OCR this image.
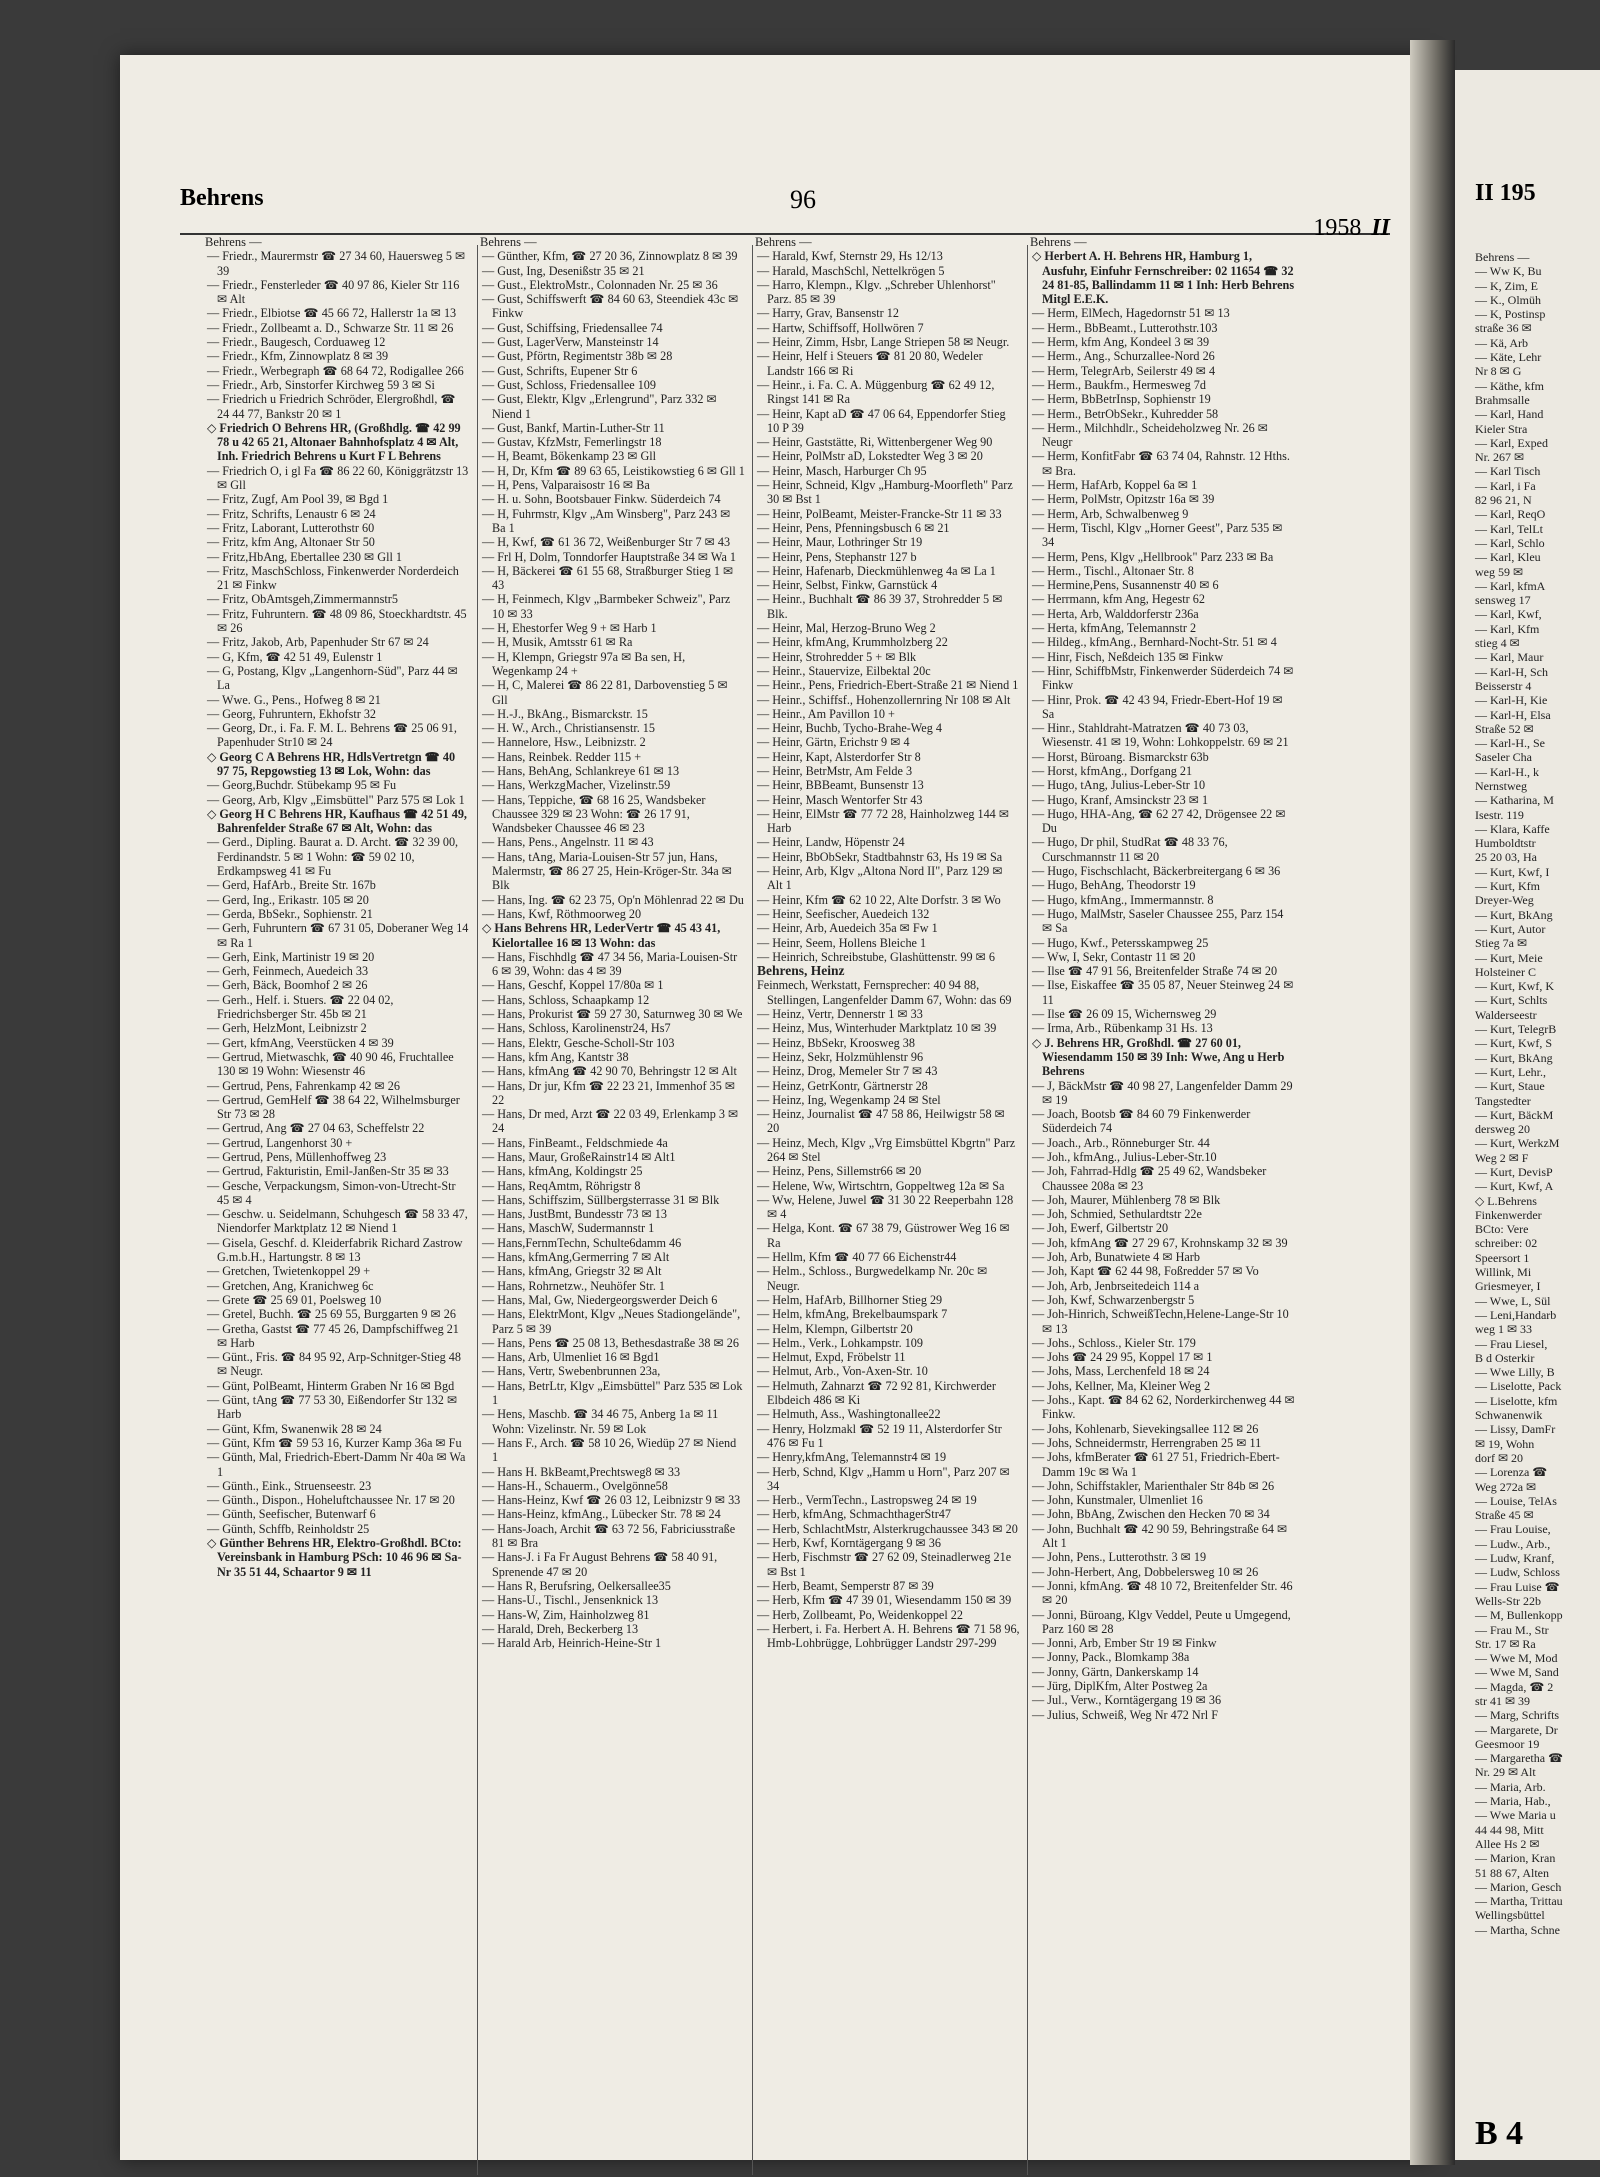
Behrens	96
1958 II
Behrens —

— Friedr., Maurermstr ☎ 27 34 60, Hauersweg 5 ✉ 39

— Friedr., Fensterleder ☎ 40 97 86, Kieler Str 116 ✉ Alt

— Friedr., Elbiotse ☎ 45 66 72, Hallerstr 1a ✉ 13

— Friedr., Zollbeamt a. D., Schwarze Str. 11 ✉ 26

— Friedr., Baugesch, Corduaweg 12

— Friedr., Kfm, Zinnowplatz 8 ✉ 39

— Friedr., Werbegraph ☎ 68 64 72, Rodigallee 266

— Friedr., Arb, Sinstorfer Kirchweg 59 3 ✉ Si

— Friedrich u Friedrich Schröder, Elergroßhdl, ☎ 24 44 77, Bankstr 20 ✉ 1

◇ Friedrich O Behrens HR, (Großhdlg. ☎ 42 99 78 u 42 65 21, Altonaer Bahnhofsplatz 4 ✉ Alt, Inh. Friedrich Behrens u Kurt F L Behrens

— Friedrich O, i gl Fa ☎ 86 22 60, Königgrätzstr 13 ✉ Gll

— Fritz, Zugf, Am Pool 39, ✉ Bgd 1

— Fritz, Schrifts, Lenaustr 6 ✉ 24

— Fritz, Laborant, Lutterothstr 60

— Fritz, kfm Ang, Altonaer Str 50

— Fritz,HbAng, Ebertallee 230 ✉ Gll 1

— Fritz, MaschSchloss, Finkenwerder Norderdeich 21 ✉ Finkw

— Fritz, ObAmtsgeh,Zimmermannstr5

— Fritz, Fuhruntern. ☎ 48 09 86, Stoeckhardtstr. 45 ✉ 26

— Fritz, Jakob, Arb, Papenhuder Str 67 ✉ 24

— G, Kfm, ☎ 42 51 49, Eulenstr 1

— G, Postang, Klgv „Langenhorn-Süd", Parz 44 ✉ La

— Wwe. G., Pens., Hofweg 8 ✉ 21

— Georg, Fuhruntern, Ekhofstr 32

— Georg, Dr., i. Fa. F. M. L. Behrens ☎ 25 06 91, Papenhuder Str10 ✉ 24

◇ Georg C A Behrens HR, HdlsVertretgn ☎ 40 97 75, Repgowstieg 13 ✉ Lok, Wohn: das

— Georg,Buchdr. Stübekamp 95 ✉ Fu

— Georg, Arb, Klgv „Eimsbüttel" Parz 575 ✉ Lok 1

◇ Georg H C Behrens HR, Kaufhaus ☎ 42 51 49, Bahrenfelder Straße 67 ✉ Alt, Wohn: das

— Gerd., Dipling. Baurat a. D. Archt. ☎ 32 39 00, Ferdinandstr. 5 ✉ 1 Wohn: ☎ 59 02 10, Erdkampsweg 41 ✉ Fu

— Gerd, HafArb., Breite Str. 167b

— Gerd, Ing., Erikastr. 105 ✉ 20

— Gerda, BbSekr., Sophienstr. 21

— Gerh, Fuhruntern ☎ 67 31 05, Doberaner Weg 14 ✉ Ra 1

— Gerh, Eink, Martinistr 19 ✉ 20

— Gerh, Feinmech, Auedeich 33

— Gerh, Bäck, Boomhof 2 ✉ 26

— Gerh., Helf. i. Stuers. ☎ 22 04 02, Friedrichsberger Str. 45b ✉ 21

— Gerh, HelzMont, Leibnizstr 2

— Gert, kfmAng, Veerstücken 4 ✉ 39

— Gertrud, Mietwaschk, ☎ 40 90 46, Fruchtallee 130 ✉ 19 Wohn: Wiesenstr 46

— Gertrud, Pens, Fahrenkamp 42 ✉ 26

— Gertrud, GemHelf ☎ 38 64 22, Wilhelmsburger Str 73 ✉ 28

— Gertrud, Ang ☎ 27 04 63, Scheffelstr 22

— Gertrud, Langenhorst 30 +

— Gertrud, Pens, Müllenhoffweg 23

— Gertrud, Fakturistin, Emil-Janßen-Str 35 ✉ 33

— Gesche, Verpackungsm, Simon-von-Utrecht-Str 45 ✉ 4

— Geschw. u. Seidelmann, Schuhgesch ☎ 58 33 47, Niendorfer Marktplatz 12 ✉ Niend 1

— Gisela, Geschf. d. Kleiderfabrik Richard Zastrow G.m.b.H., Hartungstr. 8 ✉ 13

— Gretchen, Twietenkoppel 29 +

— Gretchen, Ang, Kranichweg 6c

— Grete ☎ 25 69 01, Poelsweg 10

— Gretel, Buchh. ☎ 25 69 55, Burggarten 9 ✉ 26

— Gretha, Gastst ☎ 77 45 26, Dampfschiffweg 21 ✉ Harb

— Günt., Fris. ☎ 84 95 92, Arp-Schnitger-Stieg 48 ✉ Neugr.

— Günt, PolBeamt, Hinterm Graben Nr 16 ✉ Bgd

— Günt, tAng ☎ 77 53 30, Eißendorfer Str 132 ✉ Harb

— Günt, Kfm, Swanenwik 28 ✉ 24

— Günt, Kfm ☎ 59 53 16, Kurzer Kamp 36a ✉ Fu

— Günth, Mal, Friedrich-Ebert-Damm Nr 40a ✉ Wa 1

— Günth., Eink., Struenseestr. 23

— Günth., Dispon., Hoheluftchaussee Nr. 17 ✉ 20

— Günth, Seefischer, Butenwarf 6

— Günth, Schffb, Reinholdstr 25

◇ Günther Behrens HR, Elektro-Großhdl. BCto: Vereinsbank in Hamburg PSch: 10 46 96 ✉ Sa-Nr 35 51 44, Schaartor 9 ✉ 11

Behrens —

— Günther, Kfm, ☎ 27 20 36, Zinnowplatz 8 ✉ 39

— Gust, Ing, Desenißstr 35 ✉ 21

— Gust., ElektroMstr., Colonnaden Nr. 25 ✉ 36

— Gust, Schiffswerft ☎ 84 60 63, Steendiek 43c ✉ Finkw

— Gust, Schiffsing, Friedensallee 74

— Gust, LagerVerw, Mansteinstr 14

— Gust, Pförtn, Regimentstr 38b ✉ 28

— Gust, Schrifts, Eupener Str 6

— Gust, Schloss, Friedensallee 109

— Gust, Elektr, Klgv „Erlengrund", Parz 332 ✉ Niend 1

— Gust, Bankf, Martin-Luther-Str 11

— Gustav, KfzMstr, Femerlingstr 18

— H, Beamt, Bökenkamp 23 ✉ Gll

— H, Dr, Kfm ☎ 89 63 65, Leistikowstieg 6 ✉ Gll 1

— H, Pens, Valparaisostr 16 ✉ Ba

— H. u. Sohn, Bootsbauer Finkw. Süderdeich 74

— H, Fuhrmstr, Klgv „Am Winsberg", Parz 243 ✉ Ba 1

— H, Kwf, ☎ 61 36 72, Weißenburger Str 7 ✉ 43

— Frl H, Dolm, Tonndorfer Hauptstraße 34 ✉ Wa 1

— H, Bäckerei ☎ 61 55 68, Straßburger Stieg 1 ✉ 43

— H, Feinmech, Klgv „Barmbeker Schweiz", Parz 10 ✉ 33

— H, Ehestorfer Weg 9 + ✉ Harb 1

— H, Musik, Amtsstr 61 ✉ Ra

— H, Klempn, Griegstr 97a ✉ Ba sen, H, Wegenkamp 24 +

— H, C, Malerei ☎ 86 22 81, Darbovenstieg 5 ✉ Gll

— H.-J., BkAng., Bismarckstr. 15

— H. W., Arch., Christiansenstr. 15

— Hannelore, Hsw., Leibnizstr. 2

— Hans, Reinbek. Redder 115 +

— Hans, BehAng, Schlankreye 61 ✉ 13

— Hans, WerkzgMacher, Vizelinstr.59

— Hans, Teppiche, ☎ 68 16 25, Wandsbeker Chaussee 329 ✉ 23 Wohn: ☎ 26 17 91, Wandsbeker Chaussee 46 ✉ 23

— Hans, Pens., Angelnstr. 11 ✉ 43

— Hans, tAng, Maria-Louisen-Str 57 jun, Hans, Malermstr, ☎ 86 27 25, Hein-Kröger-Str. 34a ✉ Blk

— Hans, Ing. ☎ 62 23 75, Op'n Möhlenrad 22 ✉ Du

— Hans, Kwf, Röthmoorweg 20

◇ Hans Behrens HR, LederVertr ☎ 45 43 41, Kielortallee 16 ✉ 13 Wohn: das

— Hans, Fischhdlg ☎ 47 34 56, Maria-Louisen-Str 6 ✉ 39, Wohn: das 4 ✉ 39

— Hans, Geschf, Koppel 17/80a ✉ 1

— Hans, Schloss, Schaapkamp 12

— Hans, Prokurist ☎ 59 27 30, Saturnweg 30 ✉ We

— Hans, Schloss, Karolinenstr24, Hs7

— Hans, Elektr, Gesche-Scholl-Str 103

— Hans, kfm Ang, Kantstr 38

— Hans, kfmAng ☎ 42 90 70, Behringstr 12 ✉ Alt

— Hans, Dr jur, Kfm ☎ 22 23 21, Immenhof 35 ✉ 22

— Hans, Dr med, Arzt ☎ 22 03 49, Erlenkamp 3 ✉ 24

— Hans, FinBeamt., Feldschmiede 4a

— Hans, Maur, GroßeRainstr14 ✉ Alt1

— Hans, kfmAng, Koldingstr 25

— Hans, ReqAmtm, Röhrigstr 8

— Hans, Schiffszim, Süllbergsterrasse 31 ✉ Blk

— Hans, JustBmt, Bundesstr 73 ✉ 13

— Hans, MaschW, Sudermannstr 1

— Hans,FernmTechn, Schulte6damm 46

— Hans, kfmAng,Germerring 7 ✉ Alt

— Hans, kfmAng, Griegstr 32 ✉ Alt

— Hans, Rohrnetzw., Neuhöfer Str. 1

— Hans, Mal, Gw, Niedergeorgswerder Deich 6

— Hans, ElektrMont, Klgv „Neues Stadiongelände", Parz 5 ✉ 39

— Hans, Pens ☎ 25 08 13, Bethesdastraße 38 ✉ 26

— Hans, Arb, Ulmenliet 16 ✉ Bgd1

— Hans, Vertr, Swebenbrunnen 23a,

— Hans, BetrLtr, Klgv „Eimsbüttel" Parz 535 ✉ Lok 1

— Hens, Maschb. ☎ 34 46 75, Anberg 1a ✉ 11 Wohn: Vizelinstr. Nr. 59 ✉ Lok

— Hans F., Arch. ☎ 58 10 26, Wiedüp 27 ✉ Niend 1

— Hans H. BkBeamt,Prechtsweg8 ✉ 33

— Hans-H., Schauerm., Ovelgönne58

— Hans-Heinz, Kwf ☎ 26 03 12, Leibnizstr 9 ✉ 33

— Hans-Heinz, kfmAng., Lübecker Str. 78 ✉ 24

— Hans-Joach, Archit ☎ 63 72 56, Fabriciusstraße 81 ✉ Bra

— Hans-J. i Fa Fr August Behrens ☎ 58 40 91, Sprenende 47 ✉ 20

— Hans R, Berufsring, Oelkersallee35

— Hans-U., Tischl., Jensenknick 13

— Hans-W, Zim, Hainholzweg 81

— Harald, Dreh, Beckerberg 13

— Harald Arb, Heinrich-Heine-Str 1

Behrens —

— Harald, Kwf, Sternstr 29, Hs 12/13

— Harald, MaschSchl, Nettelkrögen 5

— Harro, Klempn., Klgv. „Schreber Uhlenhorst" Parz. 85 ✉ 39

— Harry, Grav, Bansenstr 12

— Hartw, Schiffsoff, Hollwören 7

— Heinr, Zimm, Hsbr, Lange Striepen 58 ✉ Neugr.

— Heinr, Helf i Steuers ☎ 81 20 80, Wedeler Landstr 166 ✉ Ri

— Heinr., i. Fa. C. A. Müggenburg ☎ 62 49 12, Ringst 141 ✉ Ra

— Heinr, Kapt aD ☎ 47 06 64, Eppendorfer Stieg 10 P 39

— Heinr, Gaststätte, Ri, Wittenbergener Weg 90

— Heinr, PolMstr aD, Lokstedter Weg 3 ✉ 20

— Heinr, Masch, Harburger Ch 95

— Heinr, Schneid, Klgv „Hamburg-Moorfleth" Parz 30 ✉ Bst 1

— Heinr, PolBeamt, Meister-Francke-Str 11 ✉ 33

— Heinr, Pens, Pfenningsbusch 6 ✉ 21

— Heinr, Maur, Lothringer Str 19

— Heinr, Pens, Stephanstr 127 b

— Heinr, Hafenarb, Dieckmühlenweg 4a ✉ La 1

— Heinr, Selbst, Finkw, Garnstück 4

— Heinr., Buchhalt ☎ 86 39 37, Strohredder 5 ✉ Blk.

— Heinr, Mal, Herzog-Bruno Weg 2

— Heinr, kfmAng, Krummholzberg 22

— Heinr, Strohredder 5 + ✉ Blk

— Heinr., Stauervize, Eilbektal 20c

— Heinr., Pens, Friedrich-Ebert-Straße 21 ✉ Niend 1

— Heinr., Schiffsf., Hohenzollernring Nr 108 ✉ Alt

— Heinr., Am Pavillon 10 +

— Heinr, Buchb, Tycho-Brahe-Weg 4

— Heinr, Gärtn, Erichstr 9 ✉ 4

— Heinr, Kapt, Alsterdorfer Str 8

— Heinr, BetrMstr, Am Felde 3

— Heinr, BBBeamt, Bunsenstr 13

— Heinr, Masch Wentorfer Str 43

— Heinr, ElMstr ☎ 77 72 28, Hainholzweg 144 ✉ Harb

— Heinr, Landw, Höpenstr 24

— Heinr, BbObSekr, Stadtbahnstr 63, Hs 19 ✉ Sa

— Heinr, Arb, Klgv „Altona Nord II", Parz 129 ✉ Alt 1

— Heinr, Kfm ☎ 62 10 22, Alte Dorfstr. 3 ✉ Wo

— Heinr, Seefischer, Auedeich 132

— Heinr, Arb, Auedeich 35a ✉ Fw 1

— Heinr, Seem, Hollens Bleiche 1

— Heinrich, Schreibstube, Glashüttenstr. 99 ✉ 6

Behrens, Heinz

Feinmech, Werkstatt, Fernsprecher: 40 94 88, Stellingen, Langenfelder Damm 67, Wohn: das 69

— Heinz, Vertr, Dennerstr 1 ✉ 33

— Heinz, Mus, Winterhuder Marktplatz 10 ✉ 39

— Heinz, BbSekr, Kroosweg 38

— Heinz, Sekr, Holzmühlenstr 96

— Heinz, Drog, Memeler Str 7 ✉ 43

— Heinz, GetrKontr, Gärtnerstr 28

— Heinz, Ing, Wegenkamp 24 ✉ Stel

— Heinz, Journalist ☎ 47 58 86, Heilwigstr 58 ✉ 20

— Heinz, Mech, Klgv „Vrg Eimsbüttel Kbgrtn" Parz 264 ✉ Stel

— Heinz, Pens, Sillemstr66 ✉ 20

— Helene, Ww, Wirtschtrn, Goppeltweg 12a ✉ Sa

— Ww, Helene, Juwel ☎ 31 30 22 Reeperbahn 128 ✉ 4

— Helga, Kont. ☎ 67 38 79, Güstrower Weg 16 ✉ Ra

— Hellm, Kfm ☎ 40 77 66 Eichenstr44

— Helm., Schloss., Burgwedelkamp Nr. 20c ✉ Neugr.

— Helm, HafArb, Billhorner Stieg 29

— Helm, kfmAng, Brekelbaumspark 7

— Helm, Klempn, Gilbertstr 20

— Helm., Verk., Lohkampstr. 109

— Helmut, Expd, Fröbelstr 11

— Helmut, Arb., Von-Axen-Str. 10

— Helmuth, Zahnarzt ☎ 72 92 81, Kirchwerder Elbdeich 486 ✉ Ki

— Helmuth, Ass., Washingtonallee22

— Henry, Holzmakl ☎ 52 19 11, Alsterdorfer Str 476 ✉ Fu 1

— Henry,kfmAng, Telemannstr4 ✉ 19

— Herb, Schnd, Klgv „Hamm u Horn", Parz 207 ✉ 34

— Herb., VermTechn., Lastropsweg 24 ✉ 19

— Herb, kfmAng, SchmachthagerStr47

— Herb, SchlachtMstr, Alsterkrugchaussee 343 ✉ 20

— Herb, Kwf, Korntägergang 9 ✉ 36

— Herb, Fischmstr ☎ 27 62 09, Steinadlerweg 21e ✉ Bst 1

— Herb, Beamt, Semperstr 87 ✉ 39

— Herb, Kfm ☎ 47 39 01, Wiesendamm 150 ✉ 39

— Herb, Zollbeamt, Po, Weidenkoppel 22

— Herbert, i. Fa. Herbert A. H. Behrens ☎ 71 58 96, Hmb-Lohbrügge, Lohbrügger Landstr 297-299

Behrens —

◇ Herbert A. H. Behrens HR, Hamburg 1, Ausfuhr, Einfuhr Fernschreiber: 02 11654 ☎ 32 24 81-85, Ballindamm 11 ✉ 1 Inh: Herb Behrens Mitgl E.E.K.

— Herm, ElMech, Hagedornstr 51 ✉ 13

— Herm., BbBeamt., Lutterothstr.103

— Herm, kfm Ang, Kondeel 3 ✉ 39

— Herm., Ang., Schurzallee-Nord 26

— Herm, TelegrArb, Seilerstr 49 ✉ 4

— Herm., Baukfm., Hermesweg 7d

— Herm, BbBetrInsp, Sophienstr 19

— Herm., BetrObSekr., Kuhredder 58

— Herm., Milchhdlr., Scheideholzweg Nr. 26 ✉ Neugr

— Herm, KonfitFabr ☎ 63 74 04, Rahnstr. 12 Hths. ✉ Bra.

— Herm, HafArb, Koppel 6a ✉ 1

— Herm, PolMstr, Opitzstr 16a ✉ 39

— Herm, Arb, Schwalbenweg 9

— Herm, Tischl, Klgv „Horner Geest", Parz 535 ✉ 34

— Herm, Pens, Klgv „Hellbrook" Parz 233 ✉ Ba

— Herm., Tischl., Altonaer Str. 8

— Hermine,Pens, Susannenstr 40 ✉ 6

— Herrmann, kfm Ang, Hegestr 62

— Herta, Arb, Walddorferstr 236a

— Herta, kfmAng, Telemannstr 2

— Hildeg., kfmAng., Bernhard-Nocht-Str. 51 ✉ 4

— Hinr, Fisch, Neßdeich 135 ✉ Finkw

— Hinr, SchiffbMstr, Finkenwerder Süderdeich 74 ✉ Finkw

— Hinr, Prok. ☎ 42 43 94, Friedr-Ebert-Hof 19 ✉ Sa

— Hinr., Stahldraht-Matratzen ☎ 40 73 03, Wiesenstr. 41 ✉ 19, Wohn: Lohkoppelstr. 69 ✉ 21

— Horst, Büroang. Bismarckstr 63b

— Horst, kfmAng., Dorfgang 21

— Hugo, tAng, Julius-Leber-Str 10

— Hugo, Kranf, Amsinckstr 23 ✉ 1

— Hugo, HHA-Ang, ☎ 62 27 42, Drögensee 22 ✉ Du

— Hugo, Dr phil, StudRat ☎ 48 33 76, Curschmannstr 11 ✉ 20

— Hugo, Fischschlacht, Bäckerbreitergang 6 ✉ 36

— Hugo, BehAng, Theodorstr 19

— Hugo, kfmAng., Immermannstr. 8

— Hugo, MalMstr, Saseler Chaussee 255, Parz 154 ✉ Sa

— Hugo, Kwf., Petersskampweg 25

— Ww, I, Sekr, Contastr 11 ✉ 20

— Ilse ☎ 47 91 56, Breitenfelder Straße 74 ✉ 20

— Ilse, Eiskaffee ☎ 35 05 87, Neuer Steinweg 24 ✉ 11

— Ilse ☎ 26 09 15, Wichernsweg 29

— Irma, Arb., Rübenkamp 31 Hs. 13

◇ J. Behrens HR, Großhdl. ☎ 27 60 01, Wiesendamm 150 ✉ 39 Inh: Wwe, Ang u Herb Behrens

— J, BäckMstr ☎ 40 98 27, Langenfelder Damm 29 ✉ 19

— Joach, Bootsb ☎ 84 60 79 Finkenwerder Süderdeich 74

— Joach., Arb., Rönneburger Str. 44

— Joh., kfmAng., Julius-Leber-Str.10

— Joh, Fahrrad-Hdlg ☎ 25 49 62, Wandsbeker Chaussee 208a ✉ 23

— Joh, Maurer, Mühlenberg 78 ✉ Blk

— Joh, Schmied, Sethulardtstr 22e

— Joh, Ewerf, Gilbertstr 20

— Joh, kfmAng ☎ 27 29 67, Krohnskamp 32 ✉ 39

— Joh, Arb, Bunatwiete 4 ✉ Harb

— Joh, Kapt ☎ 62 44 98, Foßredder 57 ✉ Vo

— Joh, Arb, Jenbrseitedeich 114 a

— Joh, Kwf, Schwarzenbergstr 5

— Joh-Hinrich, SchweißTechn,Helene-Lange-Str 10 ✉ 13

— Johs., Schloss., Kieler Str. 179

— Johs ☎ 24 29 95, Koppel 17 ✉ 1

— Johs, Mass, Lerchenfeld 18 ✉ 24

— Johs, Kellner, Ma, Kleiner Weg 2

— Johs., Kapt. ☎ 84 62 62, Norderkirchenweg 44 ✉ Finkw.

— Johs, Kohlenarb, Sievekingsallee 112 ✉ 26

— Johs, Schneidermstr, Herrengraben 25 ✉ 11

— Johs, kfmBerater ☎ 61 27 51, Friedrich-Ebert-Damm 19c ✉ Wa 1

— John, Schiffstakler, Marienthaler Str 84b ✉ 26

— John, Kunstmaler, Ulmenliet 16

— John, BbAng, Zwischen den Hecken 70 ✉ 34

— John, Buchhalt ☎ 42 90 59, Behringstraße 64 ✉ Alt 1

— John, Pens., Lutterothstr. 3 ✉ 19

— John-Herbert, Ang, Dobbelersweg 10 ✉ 26

— Jonni, kfmAng. ☎ 48 10 72, Breitenfelder Str. 46 ✉ 20

— Jonni, Büroang, Klgv Veddel, Peute u Umgegend, Parz 160 ✉ 28

— Jonni, Arb, Ember Str 19 ✉ Finkw

— Jonny, Pack., Blomkamp 38a

— Jonny, Gärtn, Dankerskamp 14

— Jürg, DiplKfm, Alter Postweg 2a

— Jul., Verw., Korntägergang 19 ✉ 36

— Julius, Schweiß, Weg Nr 472 Nrl F

II 195

Behrens —

— Ww K, Bu

— K, Zim, E

— K., Olmüh

— K, Postinsp

straße 36 ✉

— Kä, Arb

— Käte, Lehr

Nr 8 ✉ G

— Käthe, kfm

Brahmsalle

— Karl, Hand

Kieler Stra

— Karl, Exped

Nr. 267 ✉

— Karl Tisch

— Karl, i Fa

82 96 21, N

— Karl, ReqO

— Karl, TelLt

— Karl, Schlo

— Karl, Kleu

weg 59 ✉

— Karl, kfmA

sensweg 17

— Karl, Kwf,

— Karl, Kfm

stieg 4 ✉

— Karl, Maur

— Karl-H, Sch

Beisserstr 4

— Karl-H, Kie

— Karl-H, Elsa

Straße 52 ✉

— Karl-H., Se

Saseler Cha

— Karl-H., k

Nernstweg

— Katharina, M

Isestr. 119

— Klara, Kaffe

Humboldtstr

25 20 03, Ha

— Kurt, Kwf, I

— Kurt, Kfm

Dreyer-Weg

— Kurt, BkAng

— Kurt, Autor

Stieg 7a ✉

— Kurt, Meie

Holsteiner C

— Kurt, Kwf, K

— Kurt, Schlts

Walderseestr

— Kurt, TelegrB

— Kurt, Kwf, S

— Kurt, BkAng

— Kurt, Lehr.,

— Kurt, Staue

Tangstedter

— Kurt, BäckM

dersweg 20

— Kurt, WerkzM

Weg 2 ✉ F

— Kurt, DevisP

— Kurt, Kwf, A

◇ L.Behrens

Finkenwerder

BCto: Vere

schreiber: 02

Speersort 1

Willink, Mi

Griesmeyer, I

— Wwe, L, Sül

— Leni,Handarb

weg 1 ✉ 33

— Frau Liesel,

B d Osterkir

— Wwe Lilly, B

— Liselotte, Pack

— Liselotte, kfm

Schwanenwik

— Lissy, DamFr

✉ 19, Wohn

dorf ✉ 20

— Lorenza ☎

Weg 272a ✉

— Louise, TelAs

Straße 45 ✉

— Frau Louise,

— Ludw., Arb.,

— Ludw, Kranf,

— Ludw, Schloss

— Frau Luise ☎

Wells-Str 22b

— M, Bullenkopp

— Frau M., Str

Str. 17 ✉ Ra

— Wwe M, Mod

— Wwe M, Sand

— Magda, ☎ 2

str 41 ✉ 39

— Marg, Schrifts

— Margarete, Dr

Geesmoor 19

— Margaretha ☎

Nr. 29 ✉ Alt

— Maria, Arb.

— Maria, Hab.,

— Wwe Maria u

44 44 98, Mitt

Allee Hs 2 ✉

— Marion, Kran

51 88 67, Alten

— Marion, Gesch

— Martha, Trittau

Wellingsbüttel

— Martha, Schne

B 4
